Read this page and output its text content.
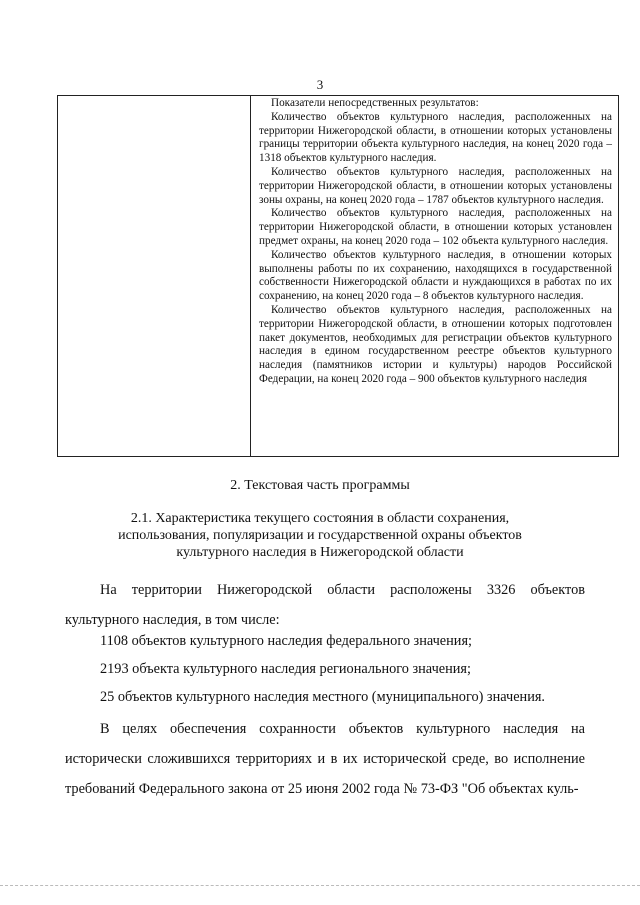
3

Показатели непосредственных результатов:

Количество объектов культурного наследия, расположенных на территории Нижегородской области, в отношении которых установлены границы территории объекта культурного наследия, на конец 2020 года – 1318 объектов культурного наследия.

Количество объектов культурного наследия, расположенных на территории Нижегородской области, в отношении которых установлены зоны охраны, на конец 2020 года – 1787 объектов культурного наследия.

Количество объектов культурного наследия, расположенных на территории Нижегородской области, в отношении которых установлен предмет охраны, на конец 2020 года – 102 объекта культурного наследия.

Количество объектов культурного наследия, в отношении которых выполнены работы по их сохранению, находящихся в государственной собственности Нижегородской области и нуждающихся в работах по их сохранению, на конец 2020 года – 8 объектов культурного наследия.

Количество объектов культурного наследия, расположенных на территории Нижегородской области, в отношении которых подготовлен пакет документов, необходимых для регистрации объектов культурного наследия в едином государственном реестре объектов культурного наследия (памятников истории и культуры) народов Российской Федерации, на конец 2020 года – 900 объектов культурного наследия

2. Текстовая часть программы
2.1. Характеристика текущего состояния в области сохранения, использования, популяризации и государственной охраны объектов культурного наследия в Нижегородской области

На территории Нижегородской области расположены 3326 объектов культурного наследия, в том числе:

1108 объектов культурного наследия федерального значения;
2193 объекта культурного наследия регионального значения;
25 объектов культурного наследия местного (муниципального) значения.

В целях обеспечения сохранности объектов культурного наследия на исторически сложившихся территориях и в их исторической среде, во исполнение требований Федерального закона от 25 июня 2002 года № 73-ФЗ "Об объектах куль-
